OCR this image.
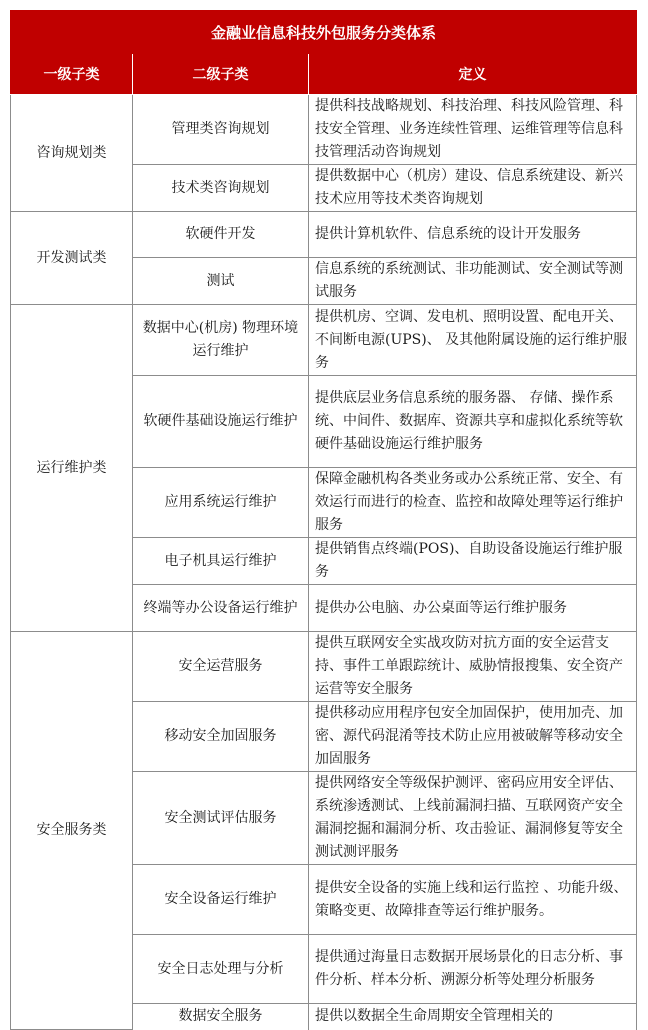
金融业信息科技外包服务分类体系		
一级子类	二级子类	定义
咨询规划类	管理类咨询规划	提供科技战略规划、科技治理、科技风险管理、科技安全管理、业务连续性管理、运维管理等信息科技管理活动咨询规划
	技术类咨询规划	提供数据中心（机房）建设、信息系统建设、新兴技术应用等技术类咨询规划
开发测试类	软硬件开发	提供计算机软件、信息系统的设计开发服务
	测试	信息系统的系统测试、非功能测试、安全测试等测试服务
运行维护类	数据中心(机房) 物理环境运行维护	提供机房、空调、发电机、照明设置、配电开关、不间断电源(UPS)、 及其他附属设施的运行维护服务
	软硬件基础设施运行维护	提供底层业务信息系统的服务器、 存储、操作系统、中间件、数据库、资源共享和虚拟化系统等软硬件基础设施运行维护服务
	应用系统运行维护	保障金融机构各类业务或办公系统正常、安全、有效运行而进行的检查、监控和故障处理等运行维护服务
	电子机具运行维护	提供销售点终端(POS)、自助设备设施运行维护服务
	终端等办公设备运行维护	提供办公电脑、办公桌面等运行维护服务
安全服务类	安全运营服务	提供互联网安全实战攻防对抗方面的安全运营支持、事件工单跟踪统计、威胁情报搜集、安全资产运营等安全服务
	移动安全加固服务	提供移动应用程序包安全加固保护，使用加壳、加密、源代码混淆等技术防止应用被破解等移动安全加固服务
	安全测试评估服务	提供网络安全等级保护测评、密码应用安全评估、系统渗透测试、上线前漏洞扫描、互联网资产安全漏洞挖掘和漏洞分析、攻击验证、漏洞修复等安全测试测评服务
	安全设备运行维护	提供安全设备的实施上线和运行监控 、功能升级、策略变更、故障排查等运行维护服务。
	安全日志处理与分析	提供通过海量日志数据开展场景化的日志分析、事件分析、样本分析、溯源分析等处理分析服务
	数据安全服务	提供以数据全生命周期安全管理相关的
